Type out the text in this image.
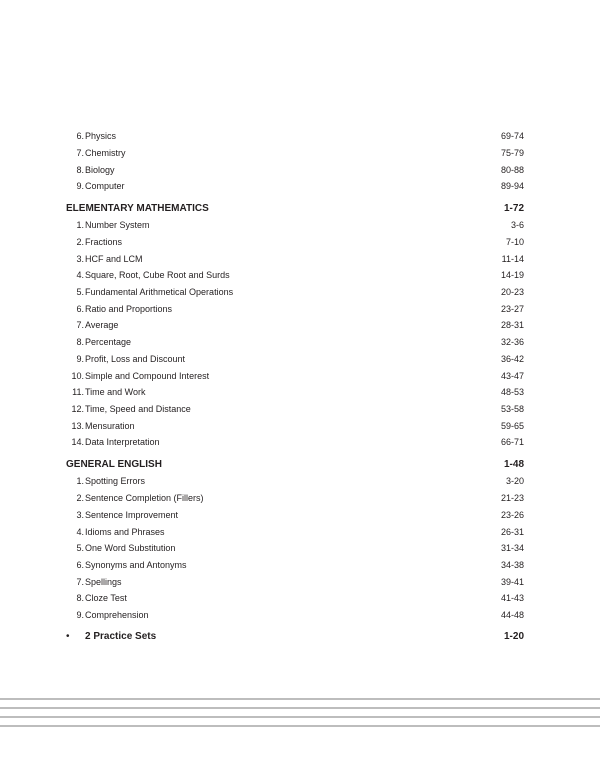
6. Physics	69-74
7. Chemistry	75-79
8. Biology	80-88
9. Computer	89-94
ELEMENTARY MATHEMATICS	1-72
1. Number System	3-6
2. Fractions	7-10
3. HCF and LCM	11-14
4. Square, Root, Cube Root and Surds	14-19
5. Fundamental Arithmetical Operations	20-23
6. Ratio and Proportions	23-27
7. Average	28-31
8. Percentage	32-36
9. Profit, Loss and Discount	36-42
10. Simple and Compound Interest	43-47
11. Time and Work	48-53
12. Time, Speed and Distance	53-58
13. Mensuration	59-65
14. Data Interpretation	66-71
GENERAL ENGLISH	1-48
1. Spotting Errors	3-20
2. Sentence Completion (Fillers)	21-23
3. Sentence Improvement	23-26
4. Idioms and Phrases	26-31
5. One Word Substitution	31-34
6. Synonyms and Antonyms	34-38
7. Spellings	39-41
8. Cloze Test	41-43
9. Comprehension	44-48
• 2 Practice Sets	1-20
